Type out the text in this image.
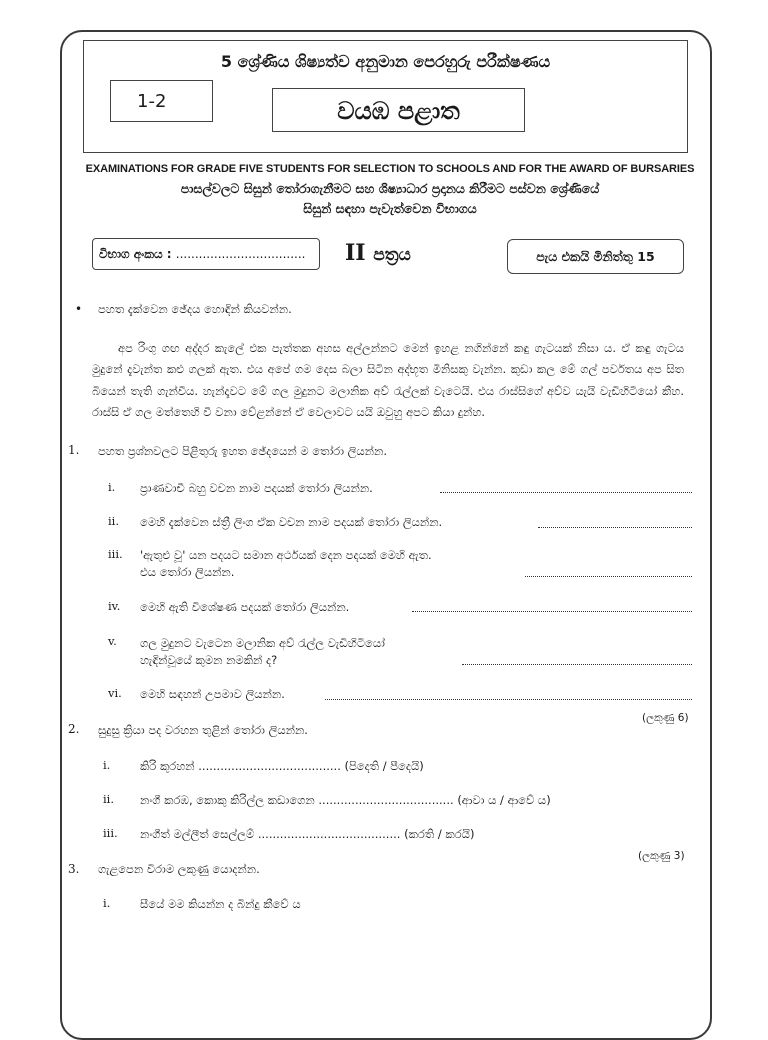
5 ශ්‍රේණිය ශිෂ්‍යත්ව අනුමාන පෙරහුරු පරීක්ෂණය
1-2	වයඹ පළාත
EXAMINATIONS FOR GRADE FIVE STUDENTS FOR SELECTION TO SCHOOLS AND FOR THE AWARD OF BURSARIES
පාසල්වලට සිසුන් තෝරාගැනීමට සහ ශිෂ්‍යාධාර ප්‍රදානය කිරීමට පස්වන ශ්‍රේණියේ
සිසුන් සඳහා පැවැත්වෙන විභාගය
විභාග අංකය : ..................................	II පත්‍රය	පැය එකයි මිනිත්තු 15
• පහත දැක්වෙන ඡේදය හොඳින් කියවන්න.

අප රිංගු ගඟ අද්දර කැලේ එක පැත්තක අහස අල්ලන්නට මෙන් ඉහළ නගින්නේ කඳු ගැටයක් නිසා ය. ඒ කඳු ගැටය මුදුනේ දැවැන්ත කළු ගලක් ඇත. එය අපේ ගම දෙස බලා සිටින අද්භූත මිනිසකු වැන්න. කුඩා කල මේ ගල් පර්වතය අප සිත බියෙන් තැති ගැන්වීය. හැන්දෑවට මේ ගල මුදුනට මලානික අව් රැල්ලක් වැටෙයි. එය රාස්සිගේ අව්ව යැයි වැඩිහිටියෝ කීහ. රාස්සි ඒ ගල මත්තෙහි වී වනා වේළන්නේ ඒ වෙලාවට යයි ඔවුහු අපට කියා දුන්හ.

1. පහත ප්‍රශ්නවලට පිළිතුරු ඉහත ඡේදයෙන් ම තෝරා ලියන්න.
i. ප්‍රාණවාචී බහු වචන නාම පදයක් තෝරා ලියන්න.
ii. මෙහි දැක්වෙන ස්ත්‍රී ලිංග ඒක වචන නාම පදයක් තෝරා ලියන්න.
iii. 'ඇතුළු වූ' යන පදයට සමාන අර්ථයක් දෙන පදයක් මෙහි ඇත.
එය තෝරා ලියන්න.
iv. මෙහි ඇති විශේෂණ පදයක් තෝරා ලියන්න.
v. ගල මුදුනට වැටෙන මලානික අව් රැල්ල වැඩිහිටියෝ
හැඳින්වූයේ කුමන නමකින් ද?
vi. මෙහි සඳහන් උපමාව ලියන්න.
(ලකුණු 6)
2. සුදුසු ක්‍රියා පද වරහන තුළින් තෝරා ලියන්න.
i.	කිරි කුරහන් ....................................... (පිදෙති / පීදෙයි)
ii. නංගී කරඹ, කොකු කිරිල්ල කඩාගෙන ..................................... (ආවා ය / ආවේ ය)
iii. නංගීත් මල්ලීත් සෙල්ලම් ....................................... (කරති / කරයි)
(ලකුණු 3)
3. ගැළපෙන විරාම ලකුණු යොදන්න.
i.	සීයේ මම කියන්න ද බින්දු කීවේ ය
